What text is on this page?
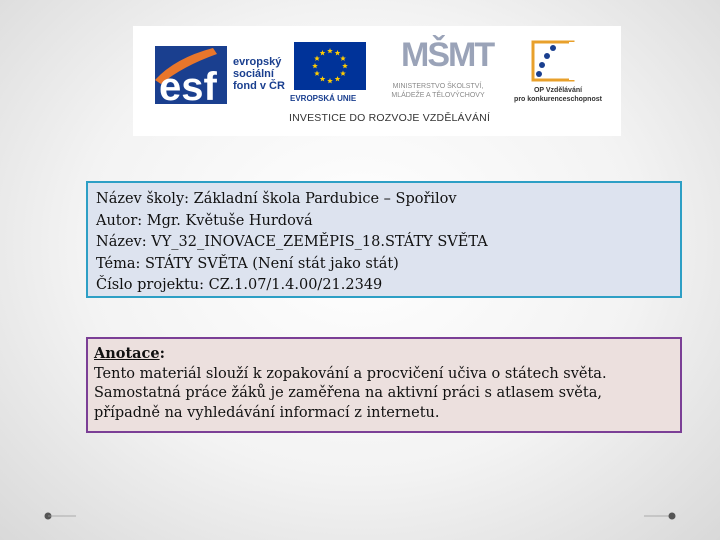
esf
evropský
sociální
fond v ČR
EVROPSKÁ UNIE
MŠMT
MINISTERSTVO ŠKOLSTVÍ,
MLÁDEŽE A TĚLOVÝCHOVY
OP Vzdělávání
pro konkurenceschopnost
INVESTICE DO ROZVOJE VZDĚLÁVÁNÍ
Název školy: Základní škola Pardubice – Spořilov
Autor: Mgr. Květuše Hurdová
Název: VY_32_INOVACE_ZEMĚPIS_18.STÁTY SVĚTA
Téma: STÁTY SVĚTA (Není stát jako stát)
Číslo projektu: CZ.1.07/1.4.00/21.2349
Anotace:
Tento materiál slouží k zopakování a procvičení učiva o státech světa.
Samostatná práce žáků je zaměřena na aktivní práci s atlasem světa,
případně na vyhledávání informací z internetu.
